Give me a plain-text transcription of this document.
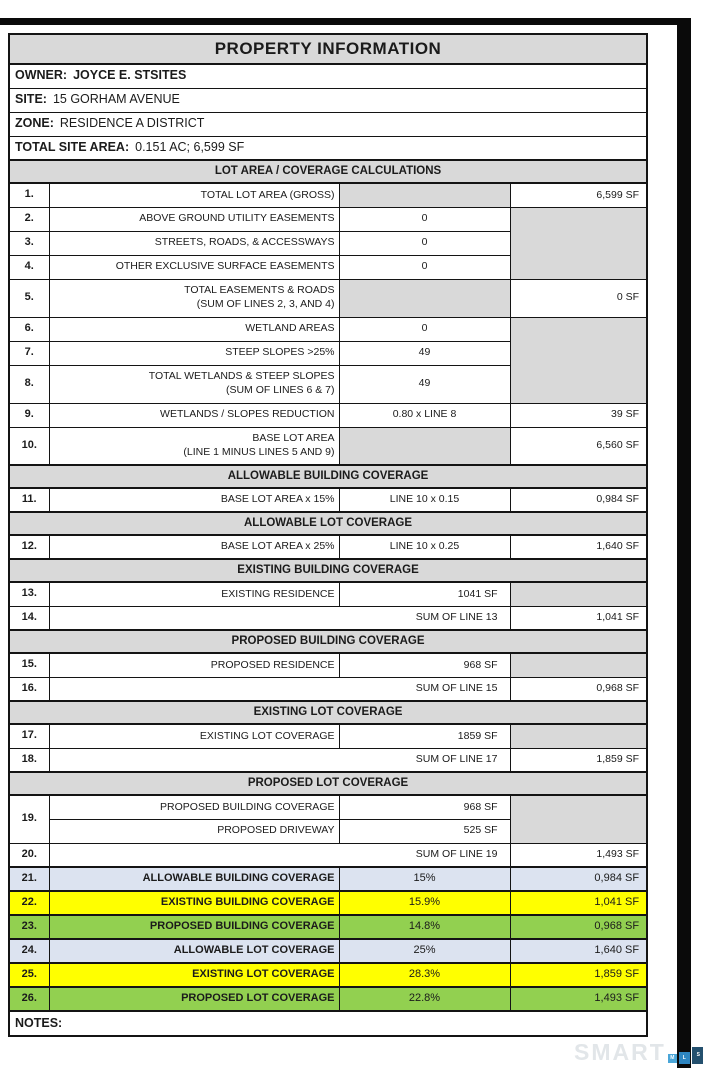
PROPERTY INFORMATION			
OWNER: JOYCE E. STSITES			
SITE: 15 GORHAM AVENUE			
ZONE: RESIDENCE A DISTRICT			
TOTAL SITE AREA: 0.151 AC; 6,599 SF			
LOT AREA / COVERAGE CALCULATIONS			
1.	TOTAL LOT AREA (GROSS)		6,599 SF
2.	ABOVE GROUND UTILITY EASEMENTS	0	
3.	STREETS, ROADS, & ACCESSWAYS	0	
4.	OTHER EXCLUSIVE SURFACE EASEMENTS	0	
5.	TOTAL EASEMENTS & ROADS
(SUM OF LINES 2, 3, AND 4)		0 SF
6.	WETLAND AREAS	0	
7.	STEEP SLOPES >25%	49	
8.	TOTAL WETLANDS & STEEP SLOPES
(SUM OF LINES 6 & 7)	49	
9.	WETLANDS / SLOPES REDUCTION	0.80 x LINE 8	39 SF
10.	BASE LOT AREA
(LINE 1 MINUS LINES 5 AND 9)		6,560 SF
ALLOWABLE BUILDING COVERAGE			
11.	BASE LOT AREA x 15%	LINE 10 x 0.15	0,984 SF
ALLOWABLE LOT COVERAGE			
12.	BASE LOT AREA x 25%	LINE 10 x 0.25	1,640 SF
EXISTING BUILDING COVERAGE			
13.	EXISTING RESIDENCE	1041 SF	
14.	SUM OF LINE 13		1,041 SF
PROPOSED BUILDING COVERAGE			
15.	PROPOSED RESIDENCE	968 SF	
16.	SUM OF LINE 15		0,968 SF
EXISTING LOT COVERAGE			
17.	EXISTING LOT COVERAGE	1859 SF	
18.	SUM OF LINE 17		1,859 SF
PROPOSED LOT COVERAGE			
19.	PROPOSED BUILDING COVERAGE	968 SF	
	PROPOSED DRIVEWAY	525 SF	
20.	SUM OF LINE 19		1,493 SF
21.	ALLOWABLE BUILDING COVERAGE	15%	0,984 SF
22.	EXISTING BUILDING COVERAGE	15.9%	1,041 SF
23.	PROPOSED BUILDING COVERAGE	14.8%	0,968 SF
24.	ALLOWABLE LOT COVERAGE	25%	1,640 SF
25.	EXISTING LOT COVERAGE	28.3%	1,859 SF
26.	PROPOSED LOT COVERAGE	22.8%	1,493 SF
NOTES:			
SMART M	L	S
